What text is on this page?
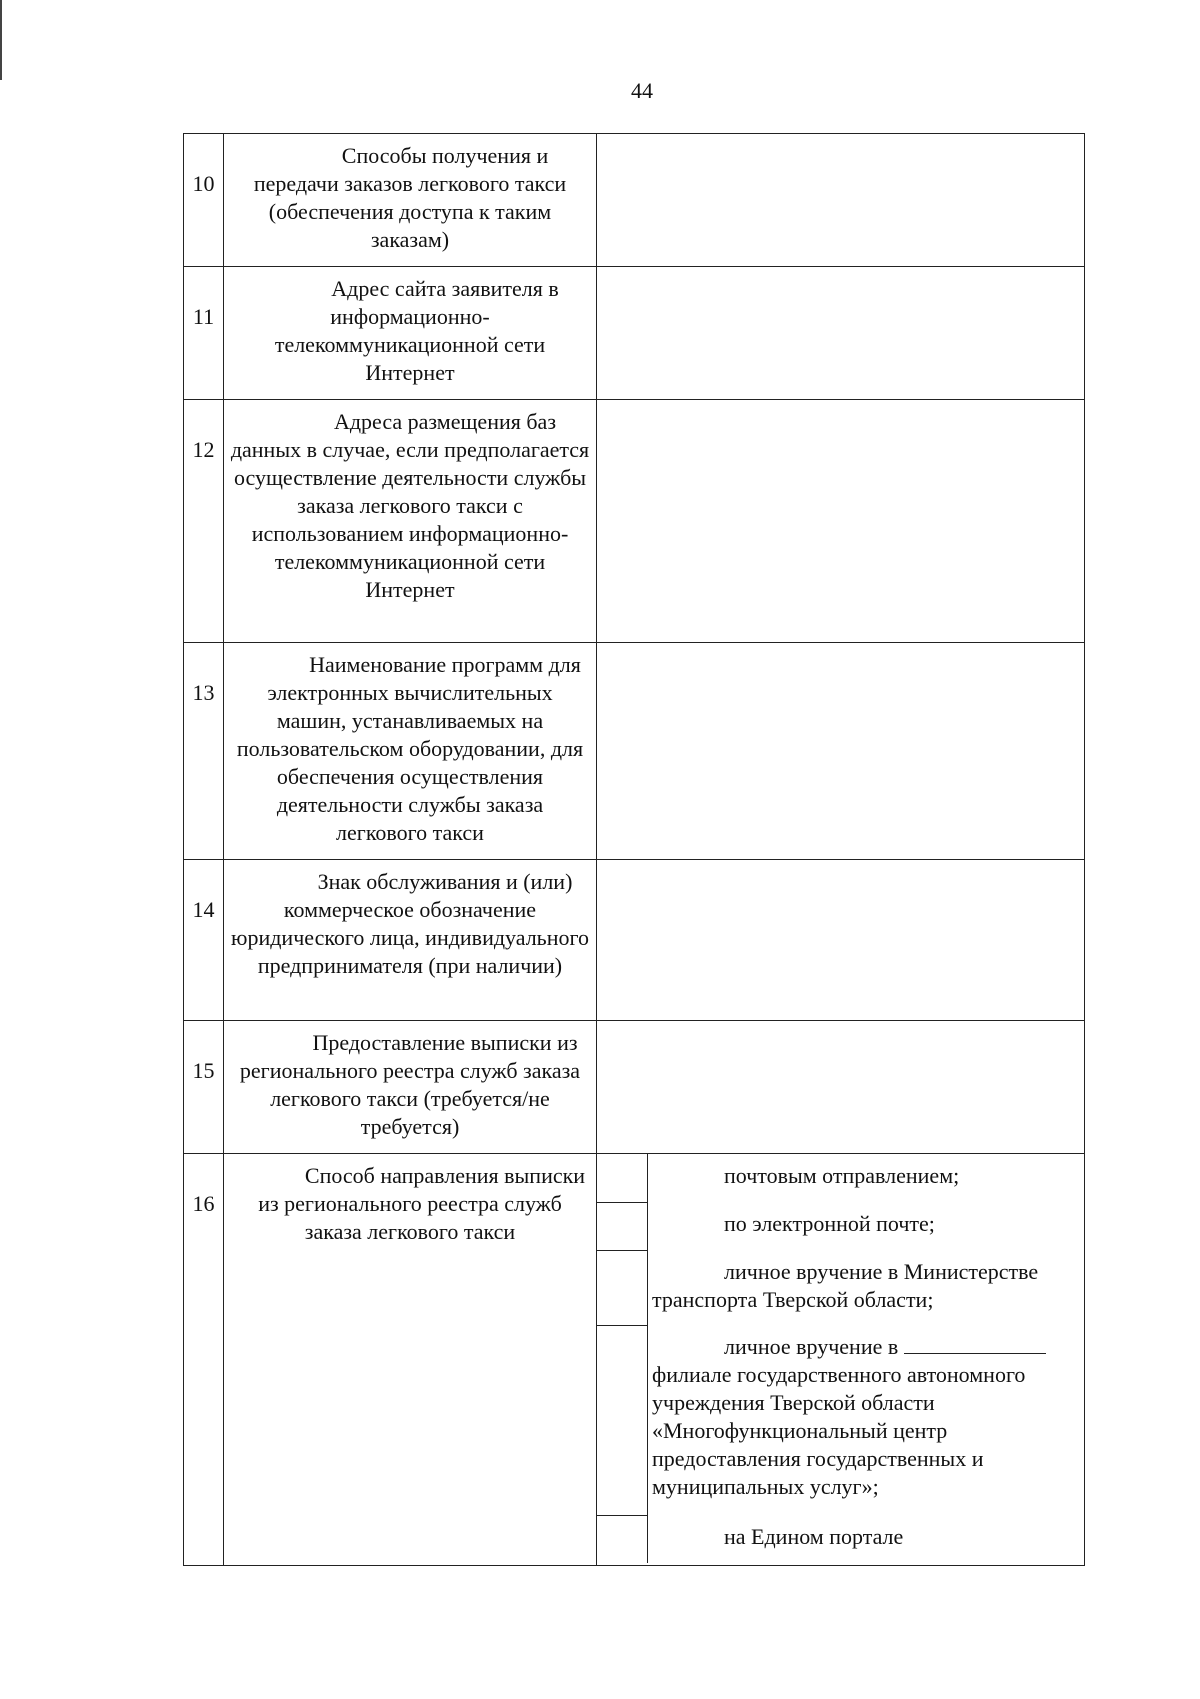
44
10	
Способы получения и передачи заказов легкового такси (обеспечения доступа к таким заказам)

11	
Адрес сайта заявителя в информационно-телекоммуникационной сети Интернет

12	
Адреса размещения баз данных в случае, если предполагается осуществление деятельности службы заказа легкового такси с использованием информационно-телекоммуникационной сети Интернет

13	
Наименование программ для электронных вычислительных машин, устанавливаемых на пользовательском оборудовании, для обеспечения осуществления деятельности службы заказа легкового такси

14	
Знак обслуживания и (или) коммерческое обозначение юридического лица, индивидуального предпринимателя (при наличии)

15	
Предоставление выписки из регионального реестра служб заказа легкового такси (требуется/не требуется)

16	
Способ направления выписки из регионального реестра служб заказа легкового такси

	почтовым отправлением;
	по электронной почте;
	личное вручение в Министерстве транспорта Тверской области;
	личное вручение в  филиале государственного автономного учреждения Тверской области «Многофункциональный центр предоставления государственных и муниципальных услуг»;
	на Едином портале
